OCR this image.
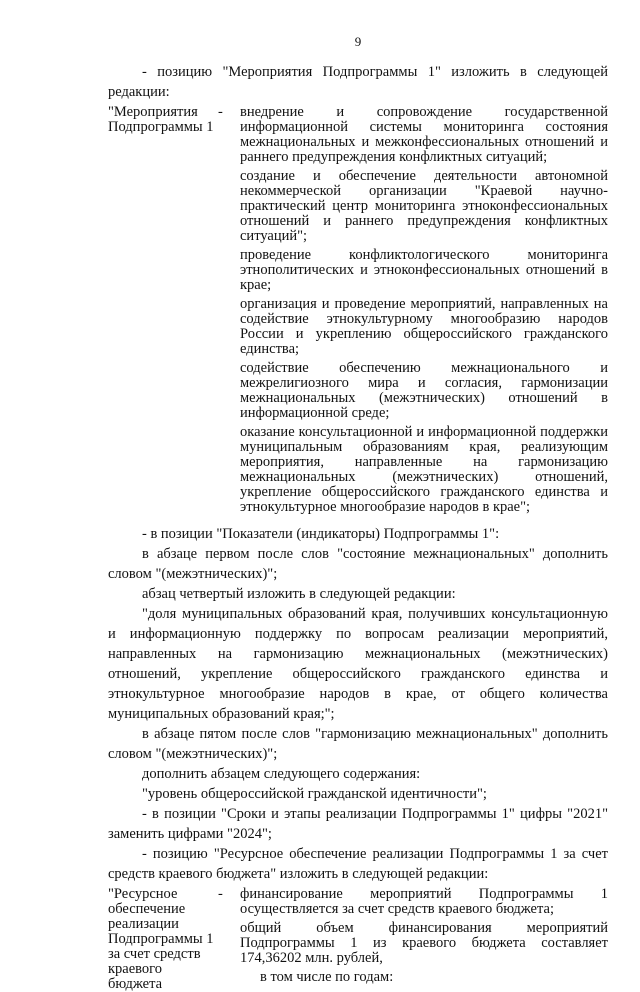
9

- позицию "Мероприятия Подпрограммы 1" изложить в следующей редакции:

"Мероприятия Подпрограммы 1
-	внедрение и сопровождение государственной информационной системы мониторинга состояния межнациональных и межконфессиональных отношений и раннего предупреждения конфликтных ситуаций;

создание и обеспечение деятельности автономной некоммерческой организации "Краевой научно-практический центр мониторинга этноконфессиональных отношений и раннего предупреждения конфликтных ситуаций";

проведение конфликтологического мониторинга этнополитических и этноконфессиональных отношений в крае;

организация и проведение мероприятий, направленных на содействие этнокультурному многообразию народов России и укреплению общероссийского гражданского единства;

содействие обеспечению межнационального и межрелигиозного мира и согласия, гармонизации межнациональных (межэтнических) отношений в информационной среде;

оказание консультационной и информационной поддержки муниципальным образованиям края, реализующим мероприятия, направленные на гармонизацию межнациональных (межэтнических) отношений, укрепление общероссийского гражданского единства и этнокультурное многообразие народов в крае";

- в позиции "Показатели (индикаторы) Подпрограммы 1":

в абзаце первом после слов "состояние межнациональных" дополнить словом "(межэтнических)";

абзац четвертый изложить в следующей редакции:

"доля муниципальных образований края, получивших консультационную и информационную поддержку по вопросам реализации мероприятий, направленных на гармонизацию межнациональных (межэтнических) отношений, укрепление общероссийского гражданского единства и этнокультурное многообразие народов в крае, от общего количества муниципальных образований края;";

в абзаце пятом после слов "гармонизацию межнациональных" дополнить словом "(межэтнических)";

дополнить абзацем следующего содержания:

"уровень общероссийской гражданской идентичности";

- в позиции "Сроки и этапы реализации Подпрограммы 1" цифры "2021" заменить цифрами "2024";

- позицию "Ресурсное обеспечение реализации Подпрограммы 1 за счет средств краевого бюджета" изложить в следующей редакции:

"Ресурсное обеспечение реализации Подпрограммы 1 за счет средств краевого бюджета
-	финансирование мероприятий Подпрограммы 1 осуществляется за счет средств краевого бюджета;

общий объем финансирования мероприятий Подпрограммы 1 из краевого бюджета составляет 174,36202 млн. рублей,

в том числе по годам:
